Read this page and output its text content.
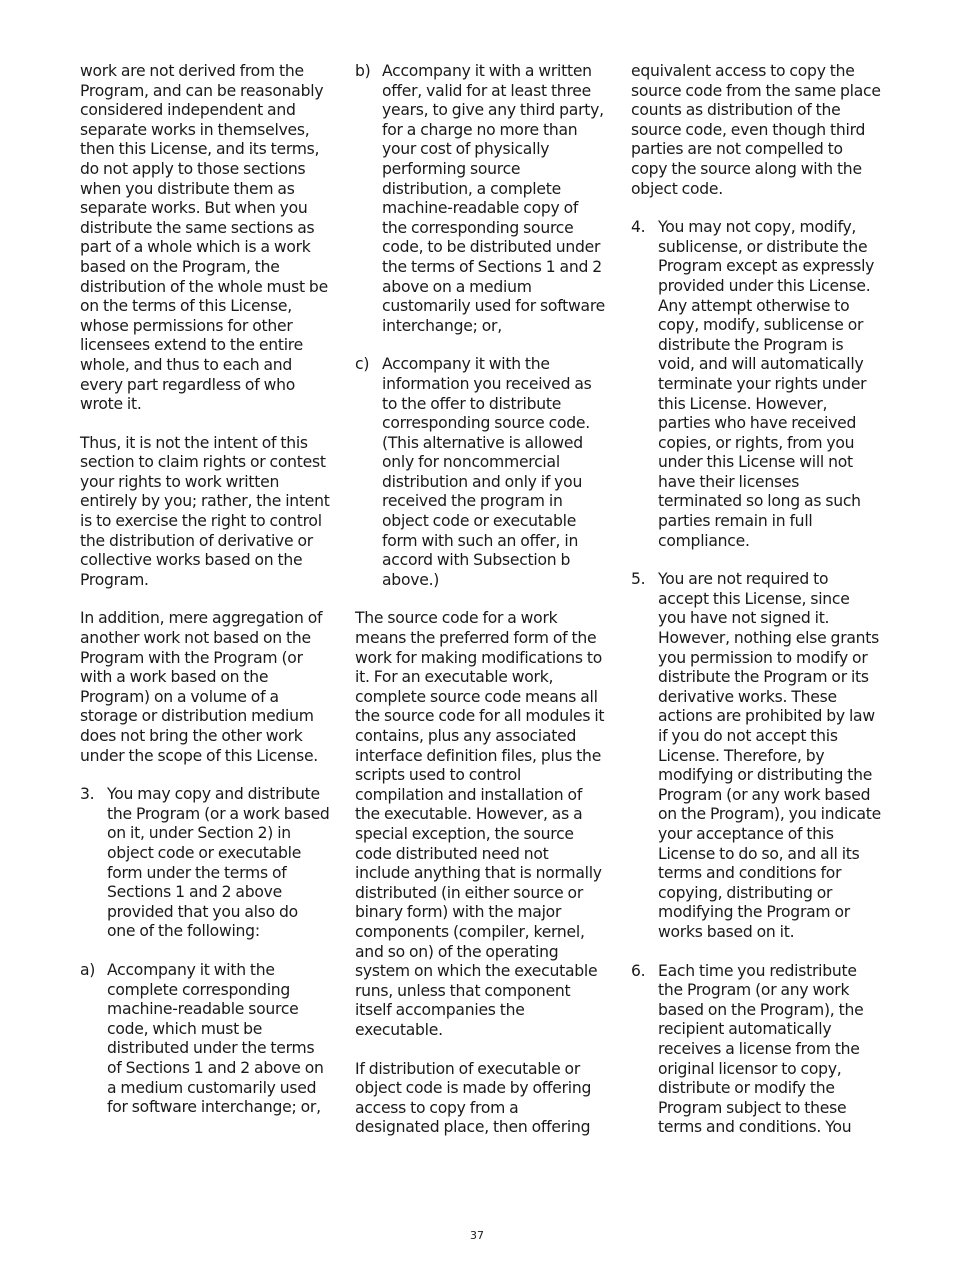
work are not derived from the Program, and can be reasonably considered independent and separate works in themselves, then this License, and its terms, do not apply to those sections when you distribute them as separate works. But when you distribute the same sections as part of a whole which is a work based on the Program, the distribution of the whole must be on the terms of this License, whose permissions for other licensees extend to the entire whole, and thus to each and every part regardless of who wrote it.

Thus, it is not the intent of this section to claim rights or contest your rights to work written entirely by you; rather, the intent is to exercise the right to control the distribution of derivative or collective works based on the Program.

In addition, mere aggregation of another work not based on the Program with the Program (or with a work based on the Program) on a volume of a storage or distribution medium does not bring the other work under the scope of this License.

3. You may copy and distribute the Program (or a work based on it, under Section 2) in object code or executable form under the terms of Sections 1 and 2 above provided that you also do one of the following:
a) Accompany it with the complete corresponding machine-readable source code, which must be distributed under the terms of Sections 1 and 2 above on a medium customarily used for software interchange; or,
b) Accompany it with a written offer, valid for at least three years, to give any third party, for a charge no more than your cost of physically performing source distribution, a complete machine-readable copy of the corresponding source code, to be distributed under the terms of Sections 1 and 2 above on a medium customarily used for software interchange; or,
c) Accompany it with the information you received as to the offer to distribute corresponding source code. (This alternative is allowed only for noncommercial distribution and only if you received the program in object code or executable form with such an offer, in accord with Subsection b above.)

The source code for a work means the preferred form of the work for making modifications to it. For an executable work, complete source code means all the source code for all modules it contains, plus any associated interface definition files, plus the scripts used to control compilation and installation of the executable. However, as a special exception, the source code distributed need not include anything that is normally distributed (in either source or binary form) with the major components (compiler, kernel, and so on) of the operating system on which the executable runs, unless that component itself accompanies the executable.

If distribution of executable or object code is made by offering access to copy from a designated place, then offering

equivalent access to copy the source code from the same place counts as distribution of the source code, even though third parties are not compelled to copy the source along with the object code.

4. You may not copy, modify, sublicense, or distribute the Program except as expressly provided under this License. Any attempt otherwise to copy, modify, sublicense or distribute the Program is void, and will automatically terminate your rights under this License. However, parties who have received copies, or rights, from you under this License will not have their licenses terminated so long as such parties remain in full compliance.
5. You are not required to accept this License, since you have not signed it. However, nothing else grants you permission to modify or distribute the Program or its derivative works. These actions are prohibited by law if you do not accept this License. Therefore, by modifying or distributing the Program (or any work based on the Program), you indicate your acceptance of this License to do so, and all its terms and conditions for copying, distributing or modifying the Program or works based on it.
6. Each time you redistribute the Program (or any work based on the Program), the recipient automatically receives a license from the original licensor to copy, distribute or modify the Program subject to these terms and conditions. You
37
